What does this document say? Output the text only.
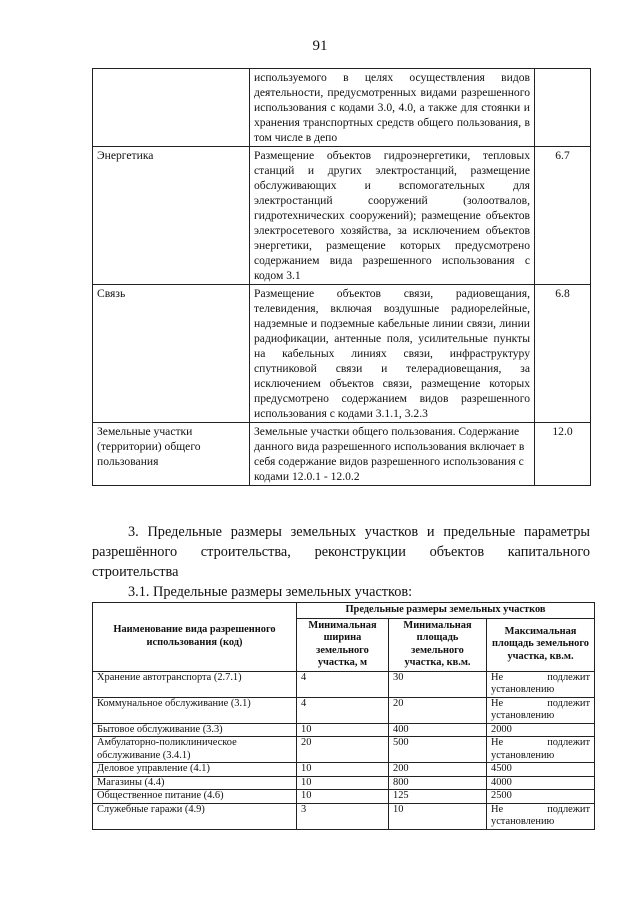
91
	используемого в целях осуществления видов деятельности, предусмотренных видами разрешенного использования с кодами 3.0, 4.0, а также для стоянки и хранения транспортных средств общего пользования, в том числе в депо	
Энергетика	Размещение объектов гидроэнергетики, тепловых станций и других электростанций, размещение обслуживающих и вспомогательных для электростанций сооружений (золоотвалов, гидротехнических сооружений); размещение объектов электросетевого хозяйства, за исключением объектов энергетики, размещение которых предусмотрено содержанием вида разрешенного использования с кодом 3.1	6.7
Связь	Размещение объектов связи, радиовещания, телевидения, включая воздушные радиорелейные, надземные и подземные кабельные линии связи, линии радиофикации, антенные поля, усилительные пункты на кабельных линиях связи, инфраструктуру спутниковой связи и телерадиовещания, за исключением объектов связи, размещение которых предусмотрено содержанием видов разрешенного использования с кодами 3.1.1, 3.2.3	6.8
Земельные участки (территории) общего пользования	Земельные участки общего пользования. Содержание данного вида разрешенного использования включает в себя содержание видов разрешенного использования с кодами 12.0.1 - 12.0.2	12.0
3. Предельные размеры земельных участков и предельные параметры разрешённого строительства, реконструкции объектов капитального строительства
3.1. Предельные размеры земельных участков:
Наименование вида разрешенного использования (код)	Предельные размеры земельных участков		
	Минимальная ширина земельного участка, м	Минимальная площадь земельного участка, кв.м.	Максимальная площадь земельного участка, кв.м.
Хранение автотранспорта (2.7.1)	4	30	Не подлежит установлению
Коммунальное обслуживание (3.1)	4	20	Не подлежит установлению
Бытовое обслуживание (3.3)	10	400	2000
Амбулаторно-поликлиническое обслуживание (3.4.1)	20	500	Не подлежит установлению
Деловое управление (4.1)	10	200	4500
Магазины (4.4)	10	800	4000
Общественное питание (4.6)	10	125	2500
Служебные гаражи (4.9)	3	10	Не подлежит установлению
